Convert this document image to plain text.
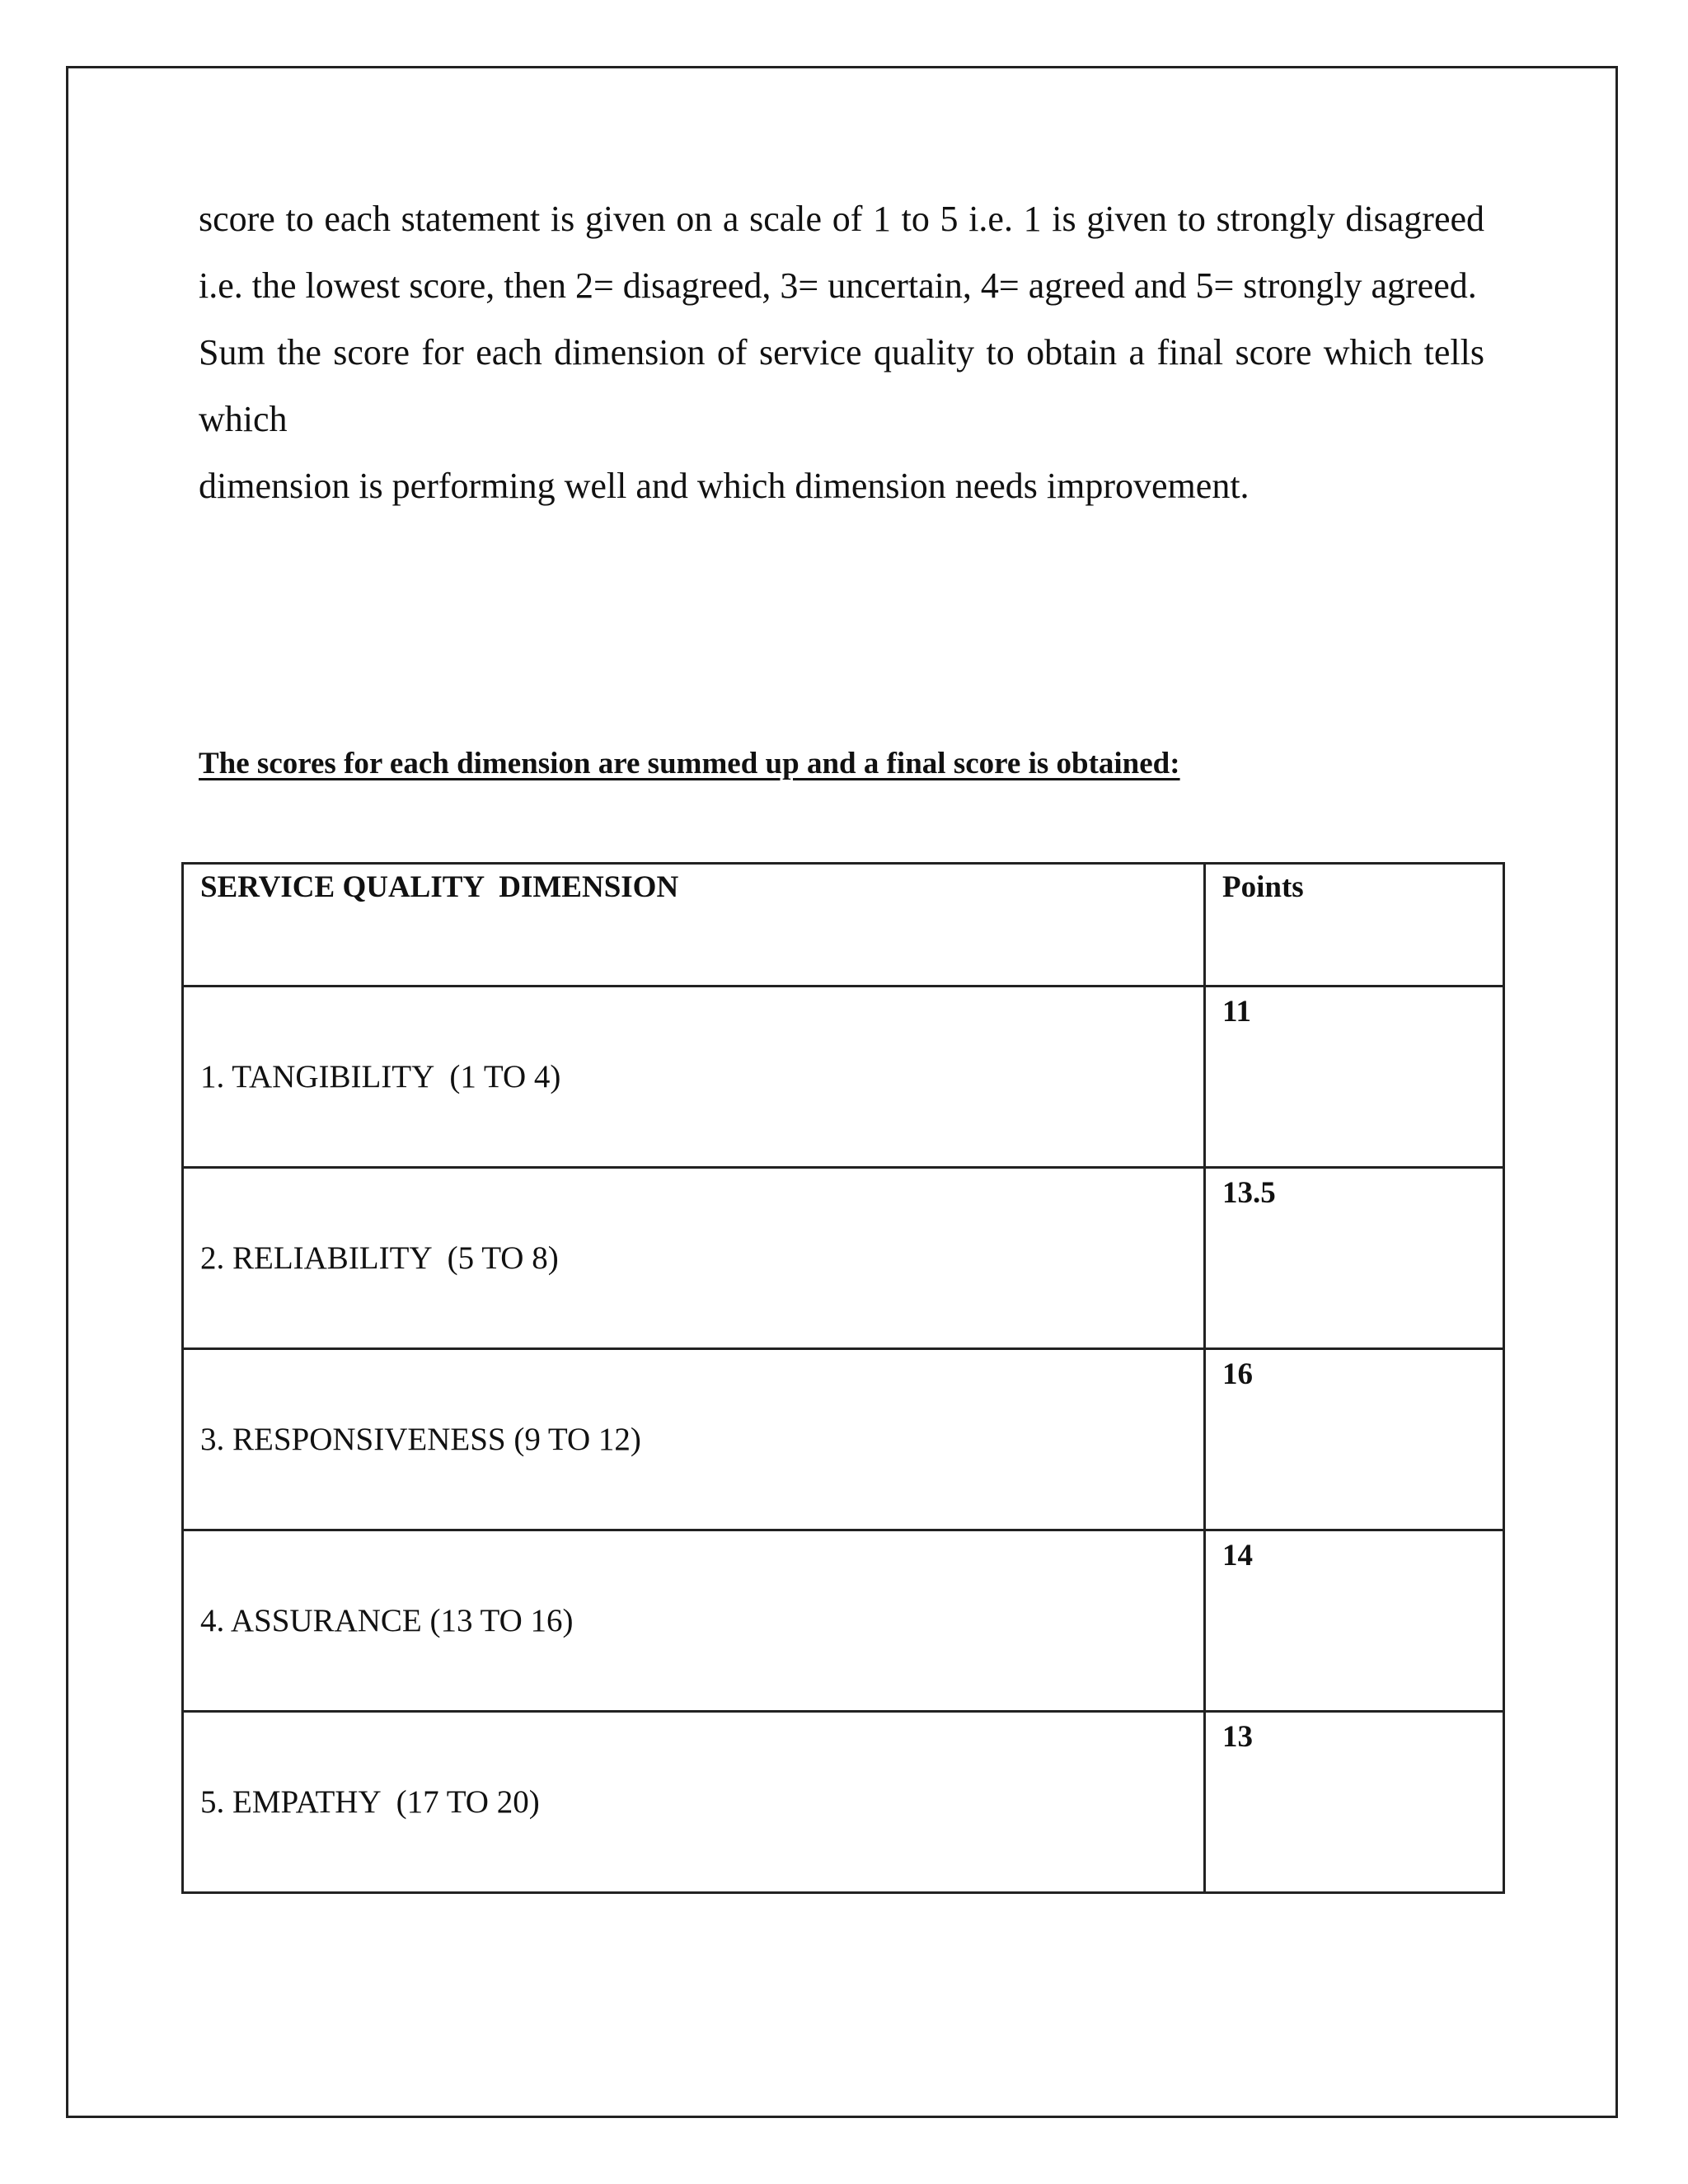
score to each statement is given on a scale of 1 to 5 i.e. 1 is given to strongly disagreed i.e. the lowest score, then 2= disagreed, 3= uncertain, 4= agreed and 5= strongly agreed.

Sum the score for each dimension of service quality to obtain a final score which tells which

dimension is performing well and which dimension needs improvement.

The scores for each dimension are summed up and a final score is obtained:
SERVICE QUALITY  DIMENSION	Points
1. TANGIBILITY  (1 TO 4)	11
2. RELIABILITY  (5 TO 8)	13.5
3. RESPONSIVENESS (9 TO 12)	16
4. ASSURANCE (13 TO 16)	14
5. EMPATHY  (17 TO 20)	13
